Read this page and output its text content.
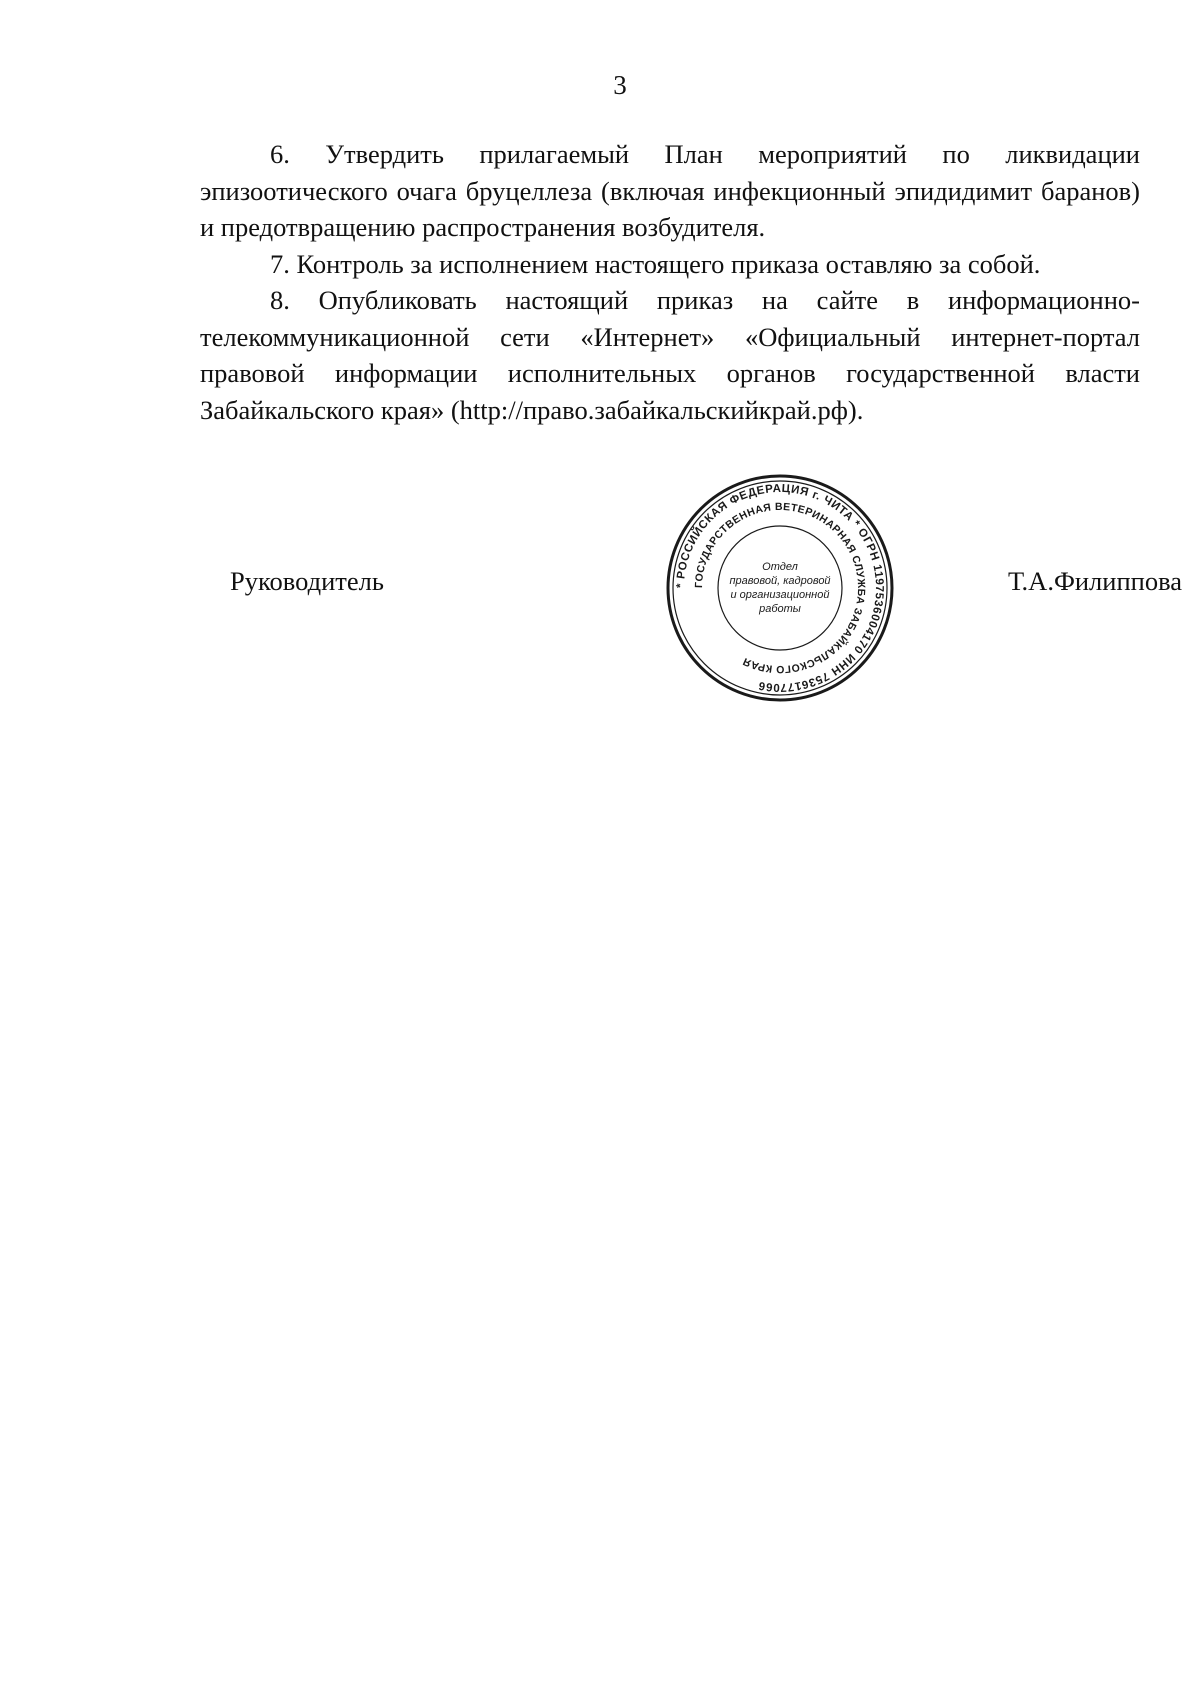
3

6. Утвердить прилагаемый План мероприятий по ликвидации эпизоотического очага бруцеллеза (включая инфекционный эпидидимит баранов) и предотвращению распространения возбудителя.

7. Контроль за исполнением настоящего приказа оставляю за собой.

8. Опубликовать настоящий приказ на сайте в информационно-телекоммуникационной сети «Интернет» «Официальный интернет-портал правовой информации исполнительных органов государственной власти Забайкальского края» (http://право.забайкальскийкрай.рф).

Руководитель	* РОССИЙСКАЯ ФЕДЕРАЦИЯ г. ЧИТА * ОГРН 1197536004170 ИНН 7536177066
ГОСУДАРСТВЕННАЯ ВЕТЕРИНАРНАЯ СЛУЖБА ЗАБАЙКАЛЬСКОГО КРАЯ
Отдел
правовой, кадровой
и организационной
работы
Т.А.Филиппова
